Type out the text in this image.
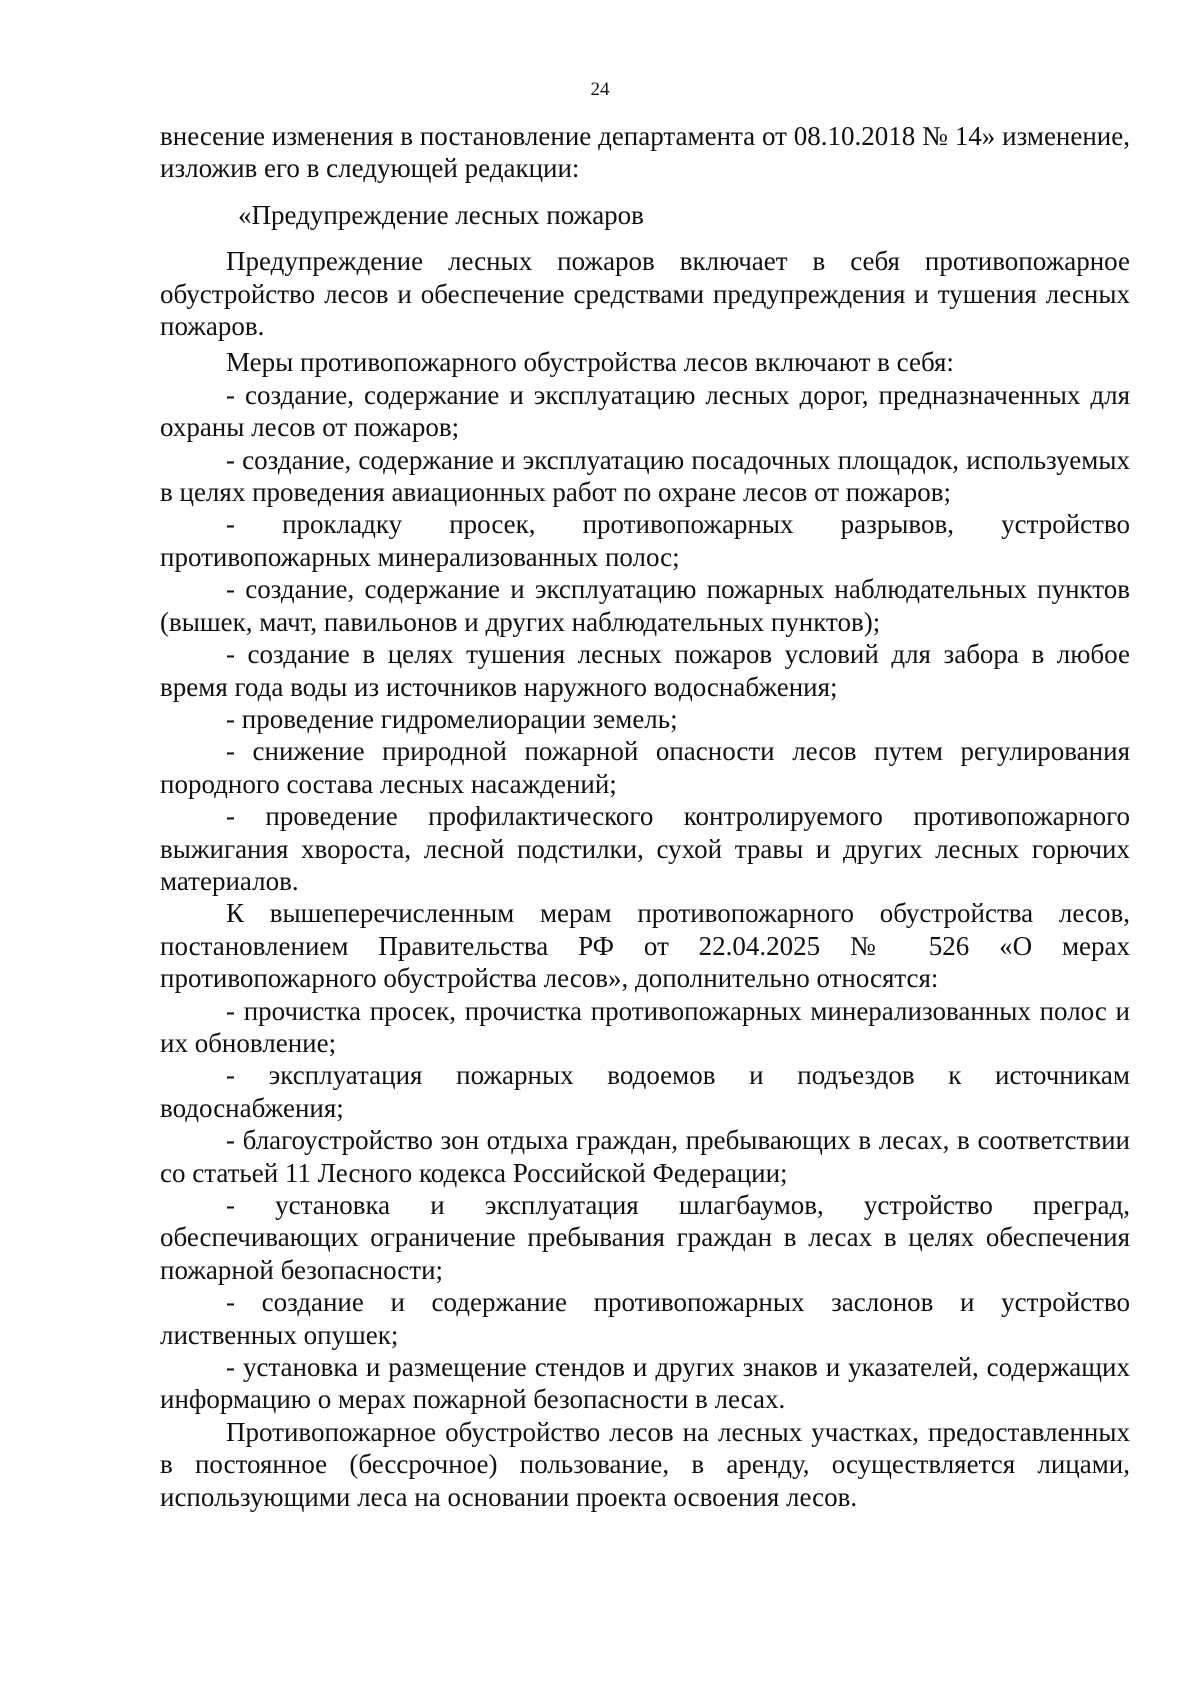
24

внесение изменения в постановление департамента от 08.10.2018 № 14» изменение, изложив его в следующей редакции:

«Предупреждение лесных пожаров

Предупреждение лесных пожаров включает в себя противопожарное обустройство лесов и обеспечение средствами предупреждения и тушения лесных пожаров.

Меры противопожарного обустройства лесов включают в себя:

- создание, содержание и эксплуатацию лесных дорог, предназначенных для охраны лесов от пожаров;

- создание, содержание и эксплуатацию посадочных площадок, используемых в целях проведения авиационных работ по охране лесов от пожаров;

- прокладку просек, противопожарных разрывов, устройство противопожарных минерализованных полос;

- создание, содержание и эксплуатацию пожарных наблюдательных пунктов (вышек, мачт, павильонов и других наблюдательных пунктов);

- создание в целях тушения лесных пожаров условий для забора в любое время года воды из источников наружного водоснабжения;

- проведение гидромелиорации земель;

- снижение природной пожарной опасности лесов путем регулирования породного состава лесных насаждений;

- проведение профилактического контролируемого противопожарного выжигания хвороста, лесной подстилки, сухой травы и других лесных горючих материалов.

К вышеперечисленным мерам противопожарного обустройства лесов, постановлением Правительства РФ от 22.04.2025 № 526 «О мерах противопожарного обустройства лесов», дополнительно относятся:

- прочистка просек, прочистка противопожарных минерализованных полос и их обновление;

- эксплуатация пожарных водоемов и подъездов к источникам водоснабжения;

- благоустройство зон отдыха граждан, пребывающих в лесах, в соответствии со статьей 11 Лесного кодекса Российской Федерации;

- установка и эксплуатация шлагбаумов, устройство преград, обеспечивающих ограничение пребывания граждан в лесах в целях обеспечения пожарной безопасности;

- создание и содержание противопожарных заслонов и устройство лиственных опушек;

- установка и размещение стендов и других знаков и указателей, содержащих информацию о мерах пожарной безопасности в лесах.

Противопожарное обустройство лесов на лесных участках, предоставленных в постоянное (бессрочное) пользование, в аренду, осуществляется лицами, использующими леса на основании проекта освоения лесов.
